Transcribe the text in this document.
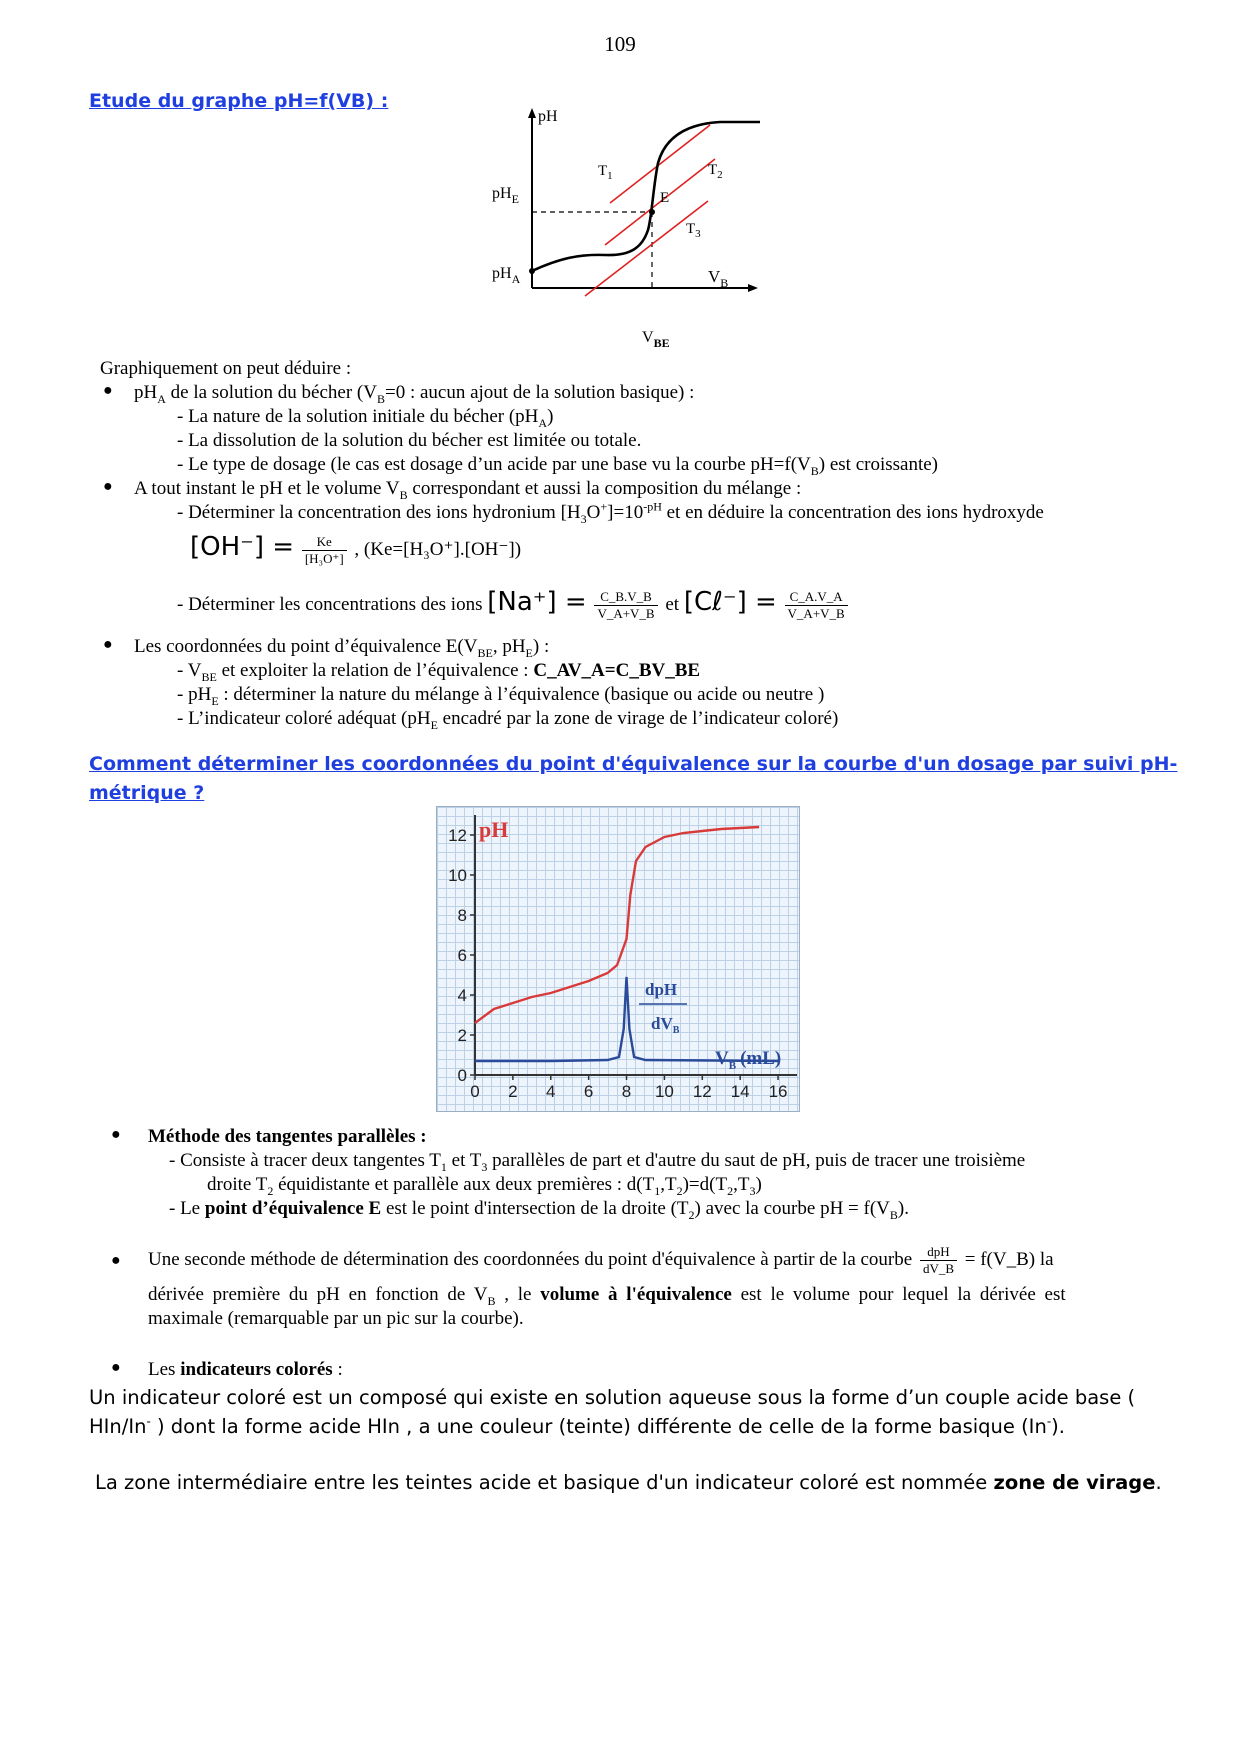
109
Etude du graphe pH=f(VB) :
pH
$pH_E$
$pH_A$
E
$T_1$	$T_2$
$T_3$
$V_B$
$V_{BE}$
Graphiquement on peut déduire :
● $pH_A$ de la solution du bécher ($V_B=0$ : aucun ajout de la solution basique) :
- La nature de la solution initiale du bécher $(pH_A)$
- La dissolution de la solution du bécher est limitée ou totale.
- Le type de dosage (le cas est dosage d’un acide par une base vu la courbe $pH=f(V_B)$ est croissante)
● A tout instant le pH et le volume $V_B$ correspondant et aussi la composition du mélange :
- Déterminer la concentration des ions hydronium $[H_3O^+]=10^{-pH}$ et en déduire la concentration des ions hydroxyde
$[OH^-] = \frac{Ke}{\text{[H₃O⁺]}}$ , (Ke=[H₃O⁺].[OH⁻])
- Déterminer les concentrations des ions $[Na^+] = \frac{C\_B.V\_B}{V\_A+V\_B}$ et [Cℓ⁻] = $\frac{C\_A.V\_A}{V\_A+V\_B}$
● Les coordonnées du point d’équivalence $E(V_{BE}$, $pH_E$) :
- $V_{BE}$ et exploiter la relation de l’équivalence : C_AV_A=C_BV_BE
- $pH_E$ : déterminer la nature du mélange à l’équivalence (basique ou acide ou neutre )
- L’indicateur coloré adéquat ($pH_E$ encadré par la zone de virage de l’indicateur coloré)
Comment déterminer les coordonnées du point d'équivalence sur la courbe d'un dosage par suivi pH-
métrique ?
0 2 4 6 8 10 12 14 16
0
2
4
6
8
10
12 pH
dpH
$dV_B$
$V_B$ (mL)
● Méthode des tangentes parallèles :
- Consiste à tracer deux tangentes $T_1$ et $T_3$ parallèles de part et d'autre du saut de pH, puis de tracer une troisième
droite $T_2$ équidistante et parallèle aux deux premières : $d(T_1,T_2)=d(T_2,T_3)$
- Le point d’équivalence E est le point d'intersection de la droite $(T_2)$ avec la courbe pH = $f(V_B)$.
● Une seconde méthode de détermination des coordonnées du point d'équivalence à partir de la courbe $\frac{\text{dpH}}{dV\_B}$ = f(V_B) la
dérivée première du pH en fonction de $V_B$ , le volume à l'équivalence est le volume pour lequel la dérivée est
maximale (remarquable par un pic sur la courbe).
● Les indicateurs colorés :
Un indicateur coloré est un composé qui existe en solution aqueuse sous la forme d’un couple acide base (
HIn/In- ) dont la forme acide HIn , a une couleur (teinte) différente de celle de la forme basique (In-).
La zone intermédiaire entre les teintes acide et basique d'un indicateur coloré est nommée zone de virage.
